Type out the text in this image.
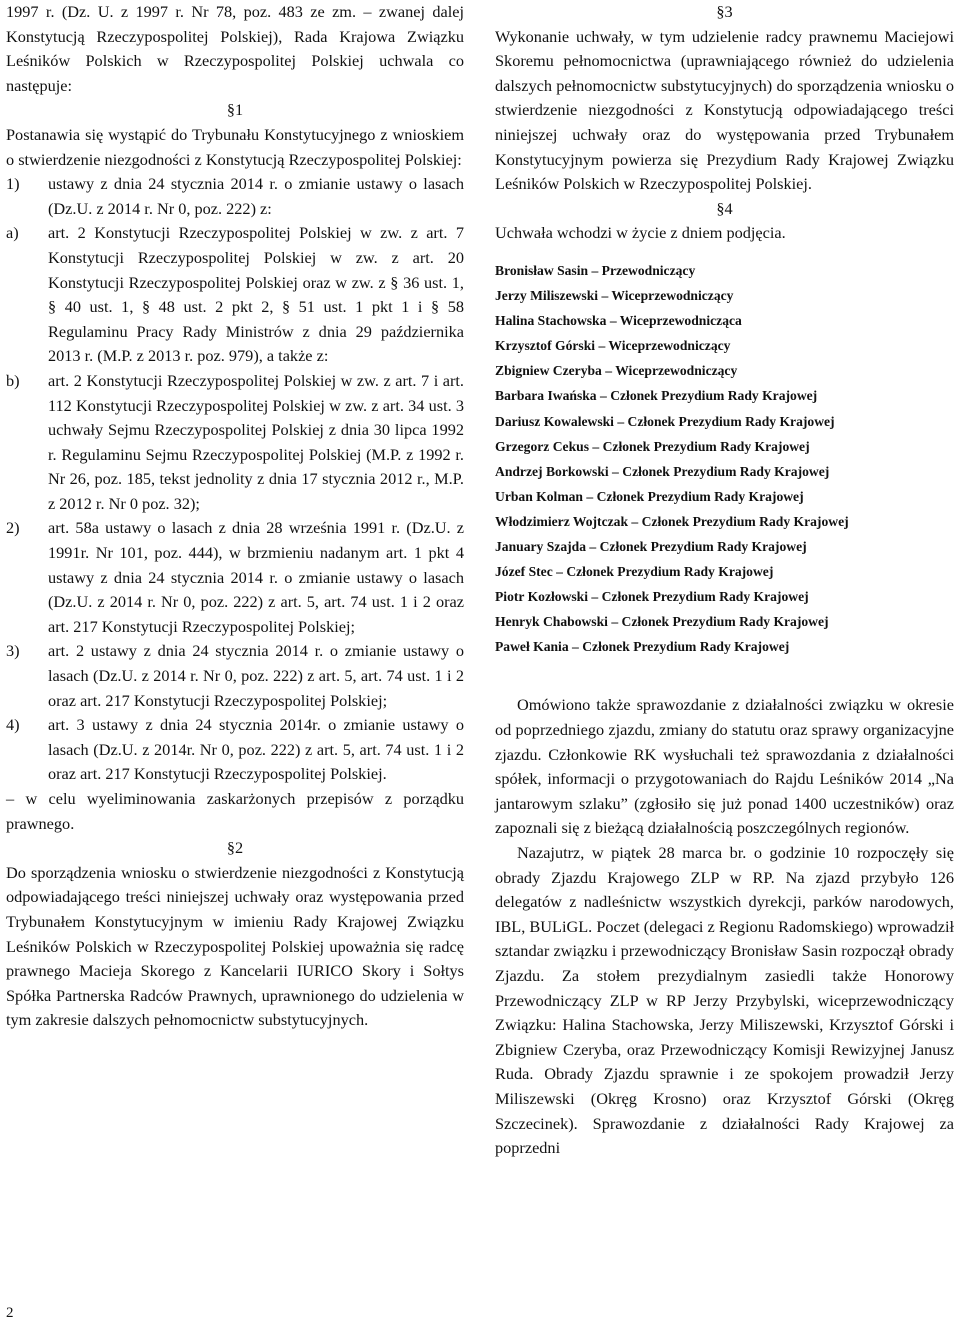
1997 r. (Dz. U. z 1997 r. Nr 78, poz. 483 ze zm. – zwanej dalej Konstytucją Rzeczypospolitej Polskiej), Rada Krajowa Związku Leśników Polskich w Rzeczypospolitej Polskiej uchwala co następuje:

§1

Postanawia się wystąpić do Trybunału Konstytucyjnego z wnioskiem o stwierdzenie niezgodności z Konstytucją Rzeczypospolitej Polskiej:

1) ustawy z dnia 24 stycznia 2014 r. o zmianie ustawy o lasach (Dz.U. z 2014 r. Nr 0, poz. 222) z:
a) art. 2 Konstytucji Rzeczypospolitej Polskiej w zw. z art. 7 Konstytucji Rzeczypospolitej Polskiej w zw. z art. 20 Konstytucji Rzeczypospolitej Polskiej oraz w zw. z § 36 ust. 1, § 40 ust. 1, § 48 ust. 2 pkt 2, § 51 ust. 1 pkt 1 i § 58 Regulaminu Pracy Rady Ministrów z dnia 29 października 2013 r. (M.P. z 2013 r. poz. 979), a także z:
b) art. 2 Konstytucji Rzeczypospolitej Polskiej w zw. z art. 7 i art. 112 Konstytucji Rzeczypospolitej Polskiej w zw. z art. 34 ust. 3 uchwały Sejmu Rzeczypospolitej Polskiej z dnia 30 lipca 1992 r. Regulaminu Sejmu Rzeczypospolitej Polskiej (M.P. z 1992 r. Nr 26, poz. 185, tekst jednolity z dnia 17 stycznia 2012 r., M.P. z 2012 r. Nr 0 poz. 32);
2) art. 58a ustawy o lasach z dnia 28 września 1991 r. (Dz.U. z 1991r. Nr 101, poz. 444), w brzmieniu nadanym art. 1 pkt 4 ustawy z dnia 24 stycznia 2014 r. o zmianie ustawy o lasach (Dz.U. z 2014 r. Nr 0, poz. 222) z art. 5, art. 74 ust. 1 i 2 oraz art. 217 Konstytucji Rzeczypospolitej Polskiej;
3) art. 2 ustawy z dnia 24 stycznia 2014 r. o zmianie ustawy o lasach (Dz.U. z 2014 r. Nr 0, poz. 222) z art. 5, art. 74 ust. 1 i 2 oraz art. 217 Konstytucji Rzeczypospolitej Polskiej;
4) art. 3 ustawy z dnia 24 stycznia 2014r. o zmianie ustawy o lasach (Dz.U. z 2014r. Nr 0, poz. 222) z art. 5, art. 74 ust. 1 i 2 oraz art. 217 Konstytucji Rzeczypospolitej Polskiej.

– w celu wyeliminowania zaskarżonych przepisów z porządku prawnego.

§2

Do sporządzenia wniosku o stwierdzenie niezgodności z Konstytucją odpowiadającego treści niniejszej uchwały oraz występowania przed Trybunałem Konstytucyjnym w imieniu Rady Krajowej Związku Leśników Polskich w Rzeczypospolitej Polskiej upoważnia się radcę prawnego Macieja Skorego z Kancelarii IURICO Skory i Sołtys Spółka Partnerska Radców Prawnych, uprawnionego do udzielenia w tym zakresie dalszych pełnomocnictw substytucyjnych.

§3

Wykonanie uchwały, w tym udzielenie radcy prawnemu Maciejowi Skoremu pełnomocnictwa (uprawniającego również do udzielenia dalszych pełnomocnictw substytucyjnych) do sporządzenia wniosku o stwierdzenie niezgodności z Konstytucją odpowiadającego treści niniejszej uchwały oraz do występowania przed Trybunałem Konstytucyjnym powierza się Prezydium Rady Krajowej Związku Leśników Polskich w Rzeczypospolitej Polskiej.

§4

Uchwała wchodzi w życie z dniem podjęcia.

Bronisław Sasin – Przewodniczący

Jerzy Miliszewski – Wiceprzewodniczący

Halina Stachowska – Wiceprzewodnicząca

Krzysztof Górski – Wiceprzewodniczący

Zbigniew Czeryba – Wiceprzewodniczący

Barbara Iwańska – Członek Prezydium Rady Krajowej

Dariusz Kowalewski – Członek Prezydium Rady Krajowej

Grzegorz Cekus – Członek Prezydium Rady Krajowej

Andrzej Borkowski – Członek Prezydium Rady Krajowej

Urban Kolman – Członek Prezydium Rady Krajowej

Włodzimierz Wojtczak – Członek Prezydium Rady Krajowej

January Szajda – Członek Prezydium Rady Krajowej

Józef Stec – Członek Prezydium Rady Krajowej

Piotr Kozłowski – Członek Prezydium Rady Krajowej

Henryk Chabowski – Członek Prezydium Rady Krajowej

Paweł Kania – Członek Prezydium Rady Krajowej

Omówiono także sprawozdanie z działalności związku w okresie od poprzedniego zjazdu, zmiany do statutu oraz sprawy organizacyjne zjazdu. Członkowie RK wysłuchali też sprawozdania z działalności spółek, informacji o przygotowaniach do Rajdu Leśników 2014 „Na jantarowym szlaku” (zgłosiło się już ponad 1400 uczestników) oraz zapoznali się z bieżącą działalnością poszczególnych regionów.

Nazajutrz, w piątek 28 marca br. o godzinie 10 rozpoczęły się obrady Zjazdu Krajowego ZLP w RP. Na zjazd przybyło 126 delegatów z nadleśnictw wszystkich dyrekcji, parków narodowych, IBL, BULiGL. Poczet (delegaci z Regionu Radomskiego) wprowadził sztandar związku i przewodniczący Bronisław Sasin rozpoczął obrady Zjazdu. Za stołem prezydialnym zasiedli także Honorowy Przewodniczący ZLP w RP Jerzy Przybylski, wiceprzewodniczący Związku: Halina Stachowska, Jerzy Miliszewski, Krzysztof Górski i Zbigniew Czeryba, oraz Przewodniczący Komisji Rewizyjnej Janusz Ruda. Obrady Zjazdu sprawnie i ze spokojem prowadził Jerzy Miliszewski (Okręg Krosno) oraz Krzysztof Górski (Okręg Szczecinek). Sprawozdanie z działalności Rady Krajowej za poprzedni

2
